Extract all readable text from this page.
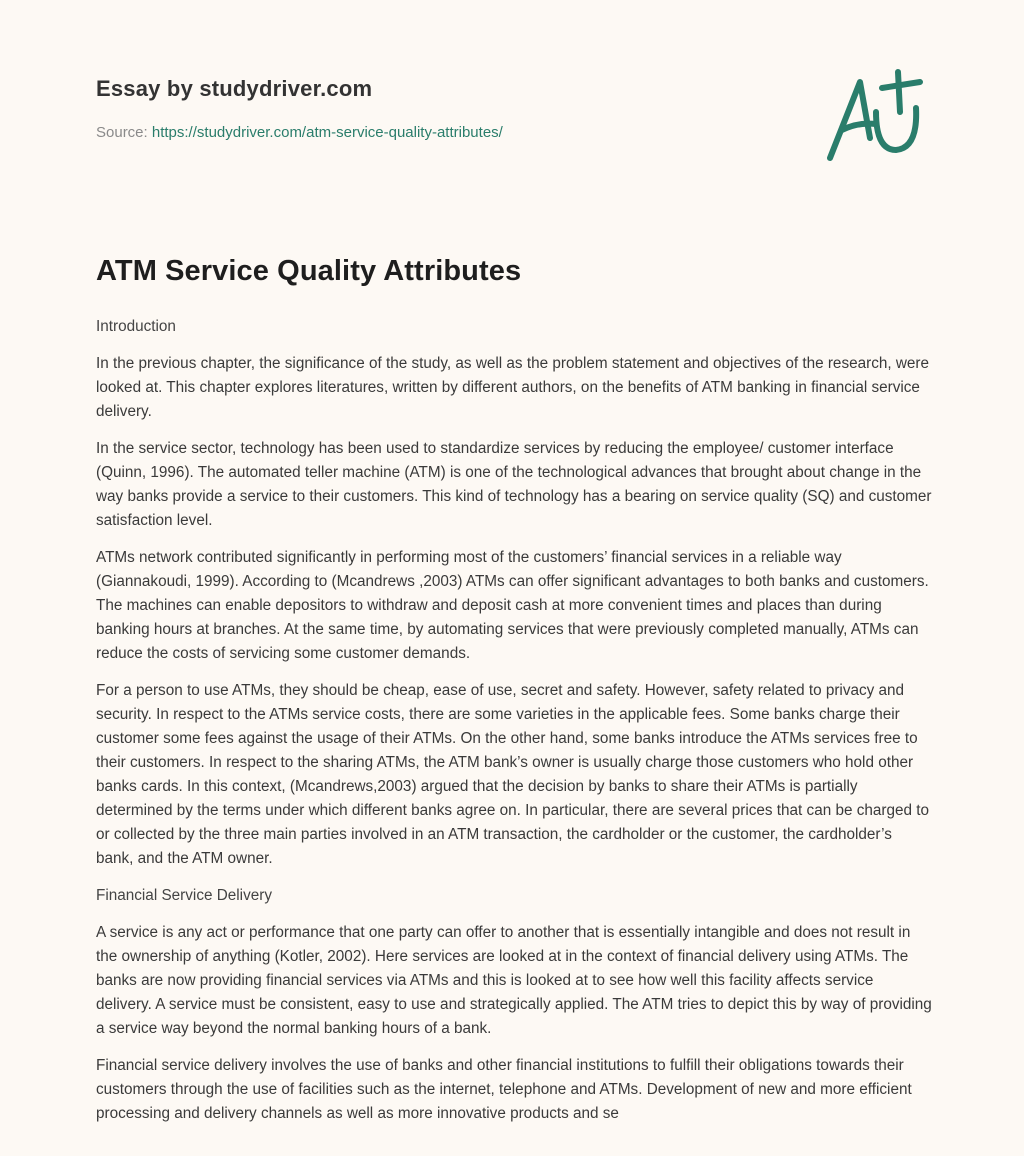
Essay by studydriver.com
Source: https://studydriver.com/atm-service-quality-attributes/
ATM Service Quality Attributes
Introduction

In the previous chapter, the significance of the study, as well as the problem statement and objectives of the research, were looked at. This chapter explores literatures, written by different authors, on the benefits of ATM banking in financial service delivery.

In the service sector, technology has been used to standardize services by reducing the employee/ customer interface (Quinn, 1996). The automated teller machine (ATM) is one of the technological advances that brought about change in the way banks provide a service to their customers. This kind of technology has a bearing on service quality (SQ) and customer satisfaction level.

ATMs network contributed significantly in performing most of the customers’ financial services in a reliable way (Giannakoudi, 1999). According to (Mcandrews ,2003) ATMs can offer significant advantages to both banks and customers. The machines can enable depositors to withdraw and deposit cash at more convenient times and places than during banking hours at branches. At the same time, by automating services that were previously completed manually, ATMs can reduce the costs of servicing some customer demands.

For a person to use ATMs, they should be cheap, ease of use, secret and safety. However, safety related to privacy and security. In respect to the ATMs service costs, there are some varieties in the applicable fees. Some banks charge their customer some fees against the usage of their ATMs. On the other hand, some banks introduce the ATMs services free to their customers. In respect to the sharing ATMs, the ATM bank’s owner is usually charge those customers who hold other banks cards. In this context, (Mcandrews,2003) argued that the decision by banks to share their ATMs is partially determined by the terms under which different banks agree on. In particular, there are several prices that can be charged to or collected by the three main parties involved in an ATM transaction, the cardholder or the customer, the cardholder’s bank, and the ATM owner.

Financial Service Delivery

A service is any act or performance that one party can offer to another that is essentially intangible and does not result in the ownership of anything (Kotler, 2002). Here services are looked at in the context of financial delivery using ATMs. The banks are now providing financial services via ATMs and this is looked at to see how well this facility affects service delivery. A service must be consistent, easy to use and strategically applied. The ATM tries to depict this by way of providing a service way beyond the normal banking hours of a bank.

Financial service delivery involves the use of banks and other financial institutions to fulfill their obligations towards their customers through the use of facilities such as the internet, telephone and ATMs. Development of new and more efficient processing and delivery channels as well as more innovative products and se
